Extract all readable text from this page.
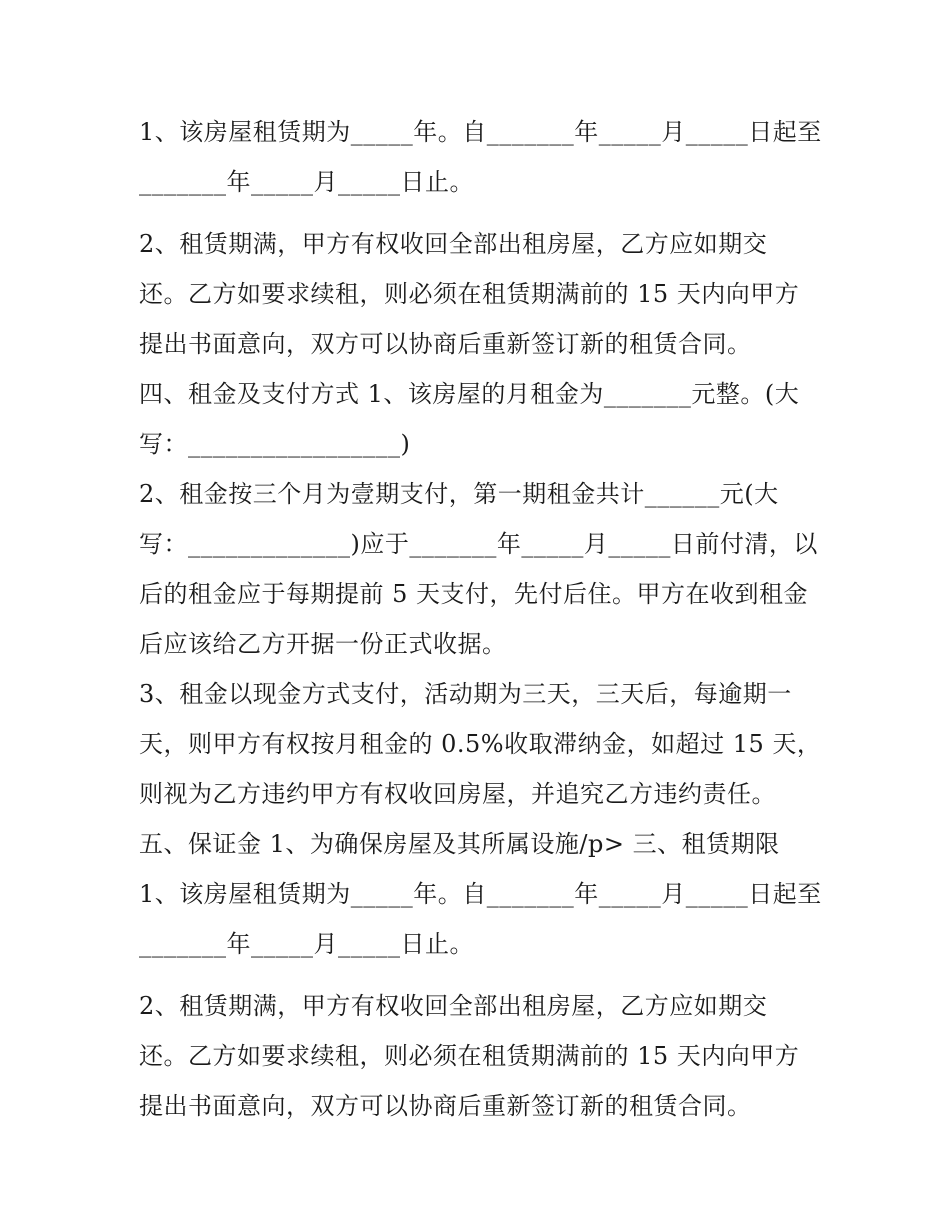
1、该房屋租赁期为_____年。自_______年_____月_____日起至
_______年_____月_____日止。
2、租赁期满，甲方有权收回全部出租房屋，乙方应如期交
还。乙方如要求续租，则必须在租赁期满前的 15 天内向甲方
提出书面意向，双方可以协商后重新签订新的租赁合同。
四、租金及支付方式 1、该房屋的月租金为_______元整。(大
写：_________________)
2、租金按三个月为壹期支付，第一期租金共计______元(大
写：_____________)应于_______年_____月_____日前付清，以
后的租金应于每期提前 5 天支付，先付后住。甲方在收到租金
后应该给乙方开据一份正式收据。
3、租金以现金方式支付，活动期为三天，三天后，每逾期一
天，则甲方有权按月租金的 0.5%收取滞纳金，如超过 15 天，
则视为乙方违约甲方有权收回房屋，并追究乙方违约责任。
五、保证金 1、为确保房屋及其所属设施/p> 三、租赁期限
1、该房屋租赁期为_____年。自_______年_____月_____日起至
_______年_____月_____日止。
2、租赁期满，甲方有权收回全部出租房屋，乙方应如期交
还。乙方如要求续租，则必须在租赁期满前的 15 天内向甲方
提出书面意向，双方可以协商后重新签订新的租赁合同。
